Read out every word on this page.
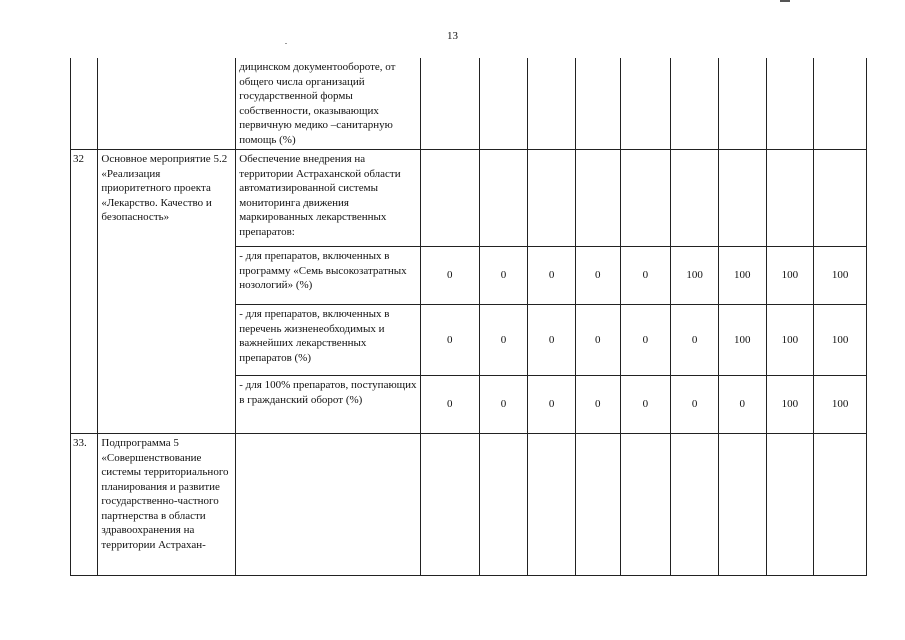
13
		дицинском документообороте, от общего числа организаций государственной формы собственности, оказывающих первичную медико –санитарную помощь (%)									
32	Основное мероприятие 5.2 «Реализация приоритетного проекта «Лекарство. Качество и безопасность»	Обеспечение внедрения на территории Астраханской области автоматизированной системы мониторинга движения маркированных лекарственных препаратов:									
		- для препаратов, включенных в программу «Семь высокозатратных нозологий» (%)	0	0	0	0	0	100	100	100	100
		- для препаратов, включенных в перечень жизненеобходимых и важнейших лекарственных препаратов (%)	0	0	0	0	0	0	100	100	100
		- для 100% препаратов, поступающих в гражданский оборот (%)	0	0	0	0	0	0	0	100	100
33.	Подпрограмма 5 «Совершенствование системы территориального планирования и развитие государственно-частного партнерства в области здравоохранения на территории Астрахан-										
